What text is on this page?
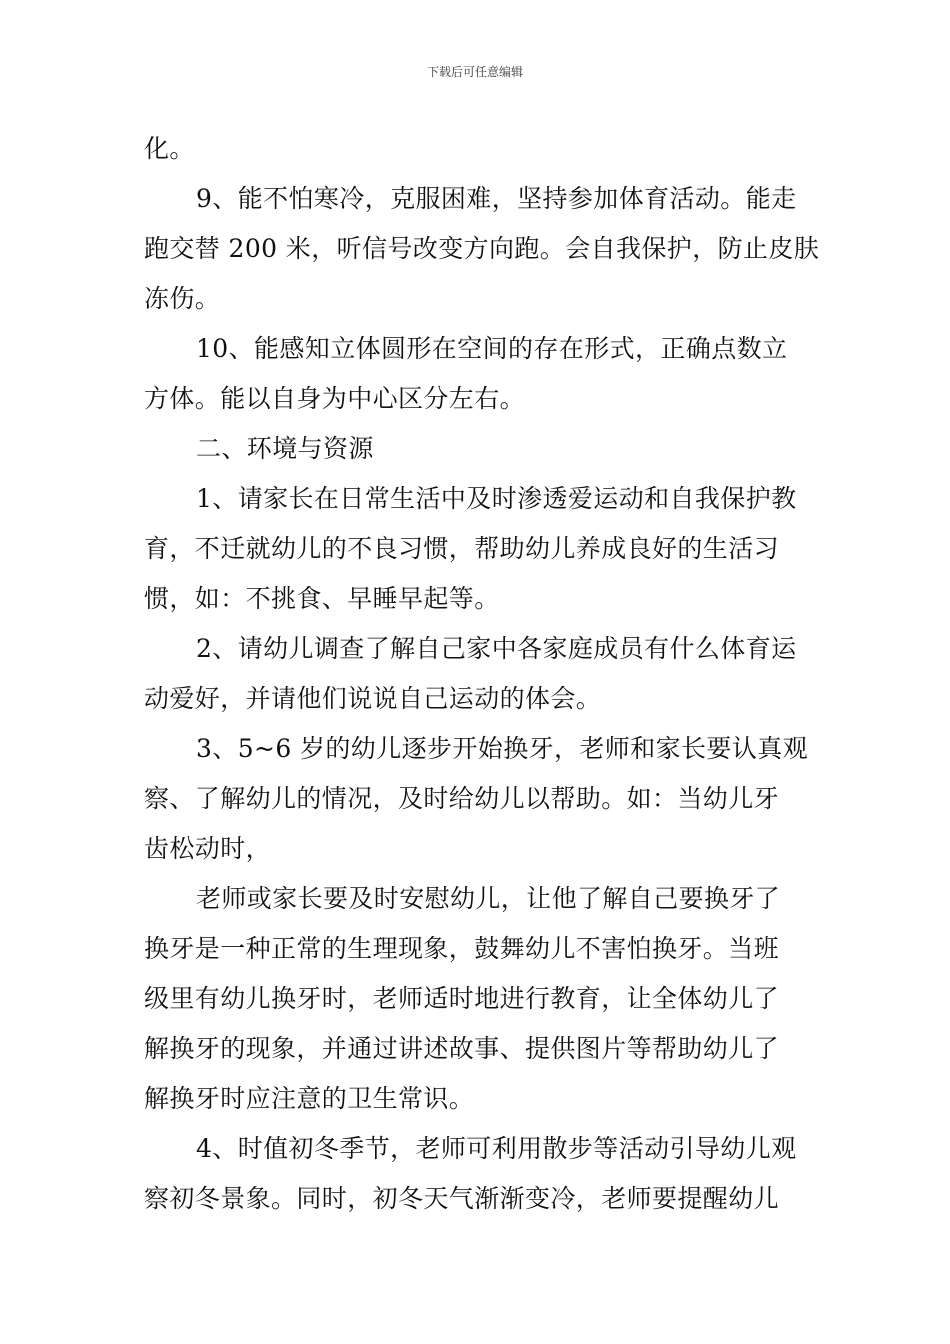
下载后可任意编辑
化。
9、能不怕寒冷，克服困难，坚持参加体育活动。能走
跑交替 200 米，听信号改变方向跑。会自我保护，防止皮肤
冻伤。
10、能感知立体圆形在空间的存在形式，正确点数立
方体。能以自身为中心区分左右。
二、环境与资源
1、请家长在日常生活中及时渗透爱运动和自我保护教
育，不迁就幼儿的不良习惯，帮助幼儿养成良好的生活习
惯，如：不挑食、早睡早起等。
2、请幼儿调查了解自己家中各家庭成员有什么体育运
动爱好，并请他们说说自己运动的体会。
3、5~6 岁的幼儿逐步开始换牙，老师和家长要认真观
察、了解幼儿的情况，及时给幼儿以帮助。如：当幼儿牙
齿松动时，
老师或家长要及时安慰幼儿，让他了解自己要换牙了
换牙是一种正常的生理现象，鼓舞幼儿不害怕换牙。当班
级里有幼儿换牙时，老师适时地进行教育，让全体幼儿了
解换牙的现象，并通过讲述故事、提供图片等帮助幼儿了
解换牙时应注意的卫生常识。
4、时值初冬季节，老师可利用散步等活动引导幼儿观
察初冬景象。同时，初冬天气渐渐变冷，老师要提醒幼儿
